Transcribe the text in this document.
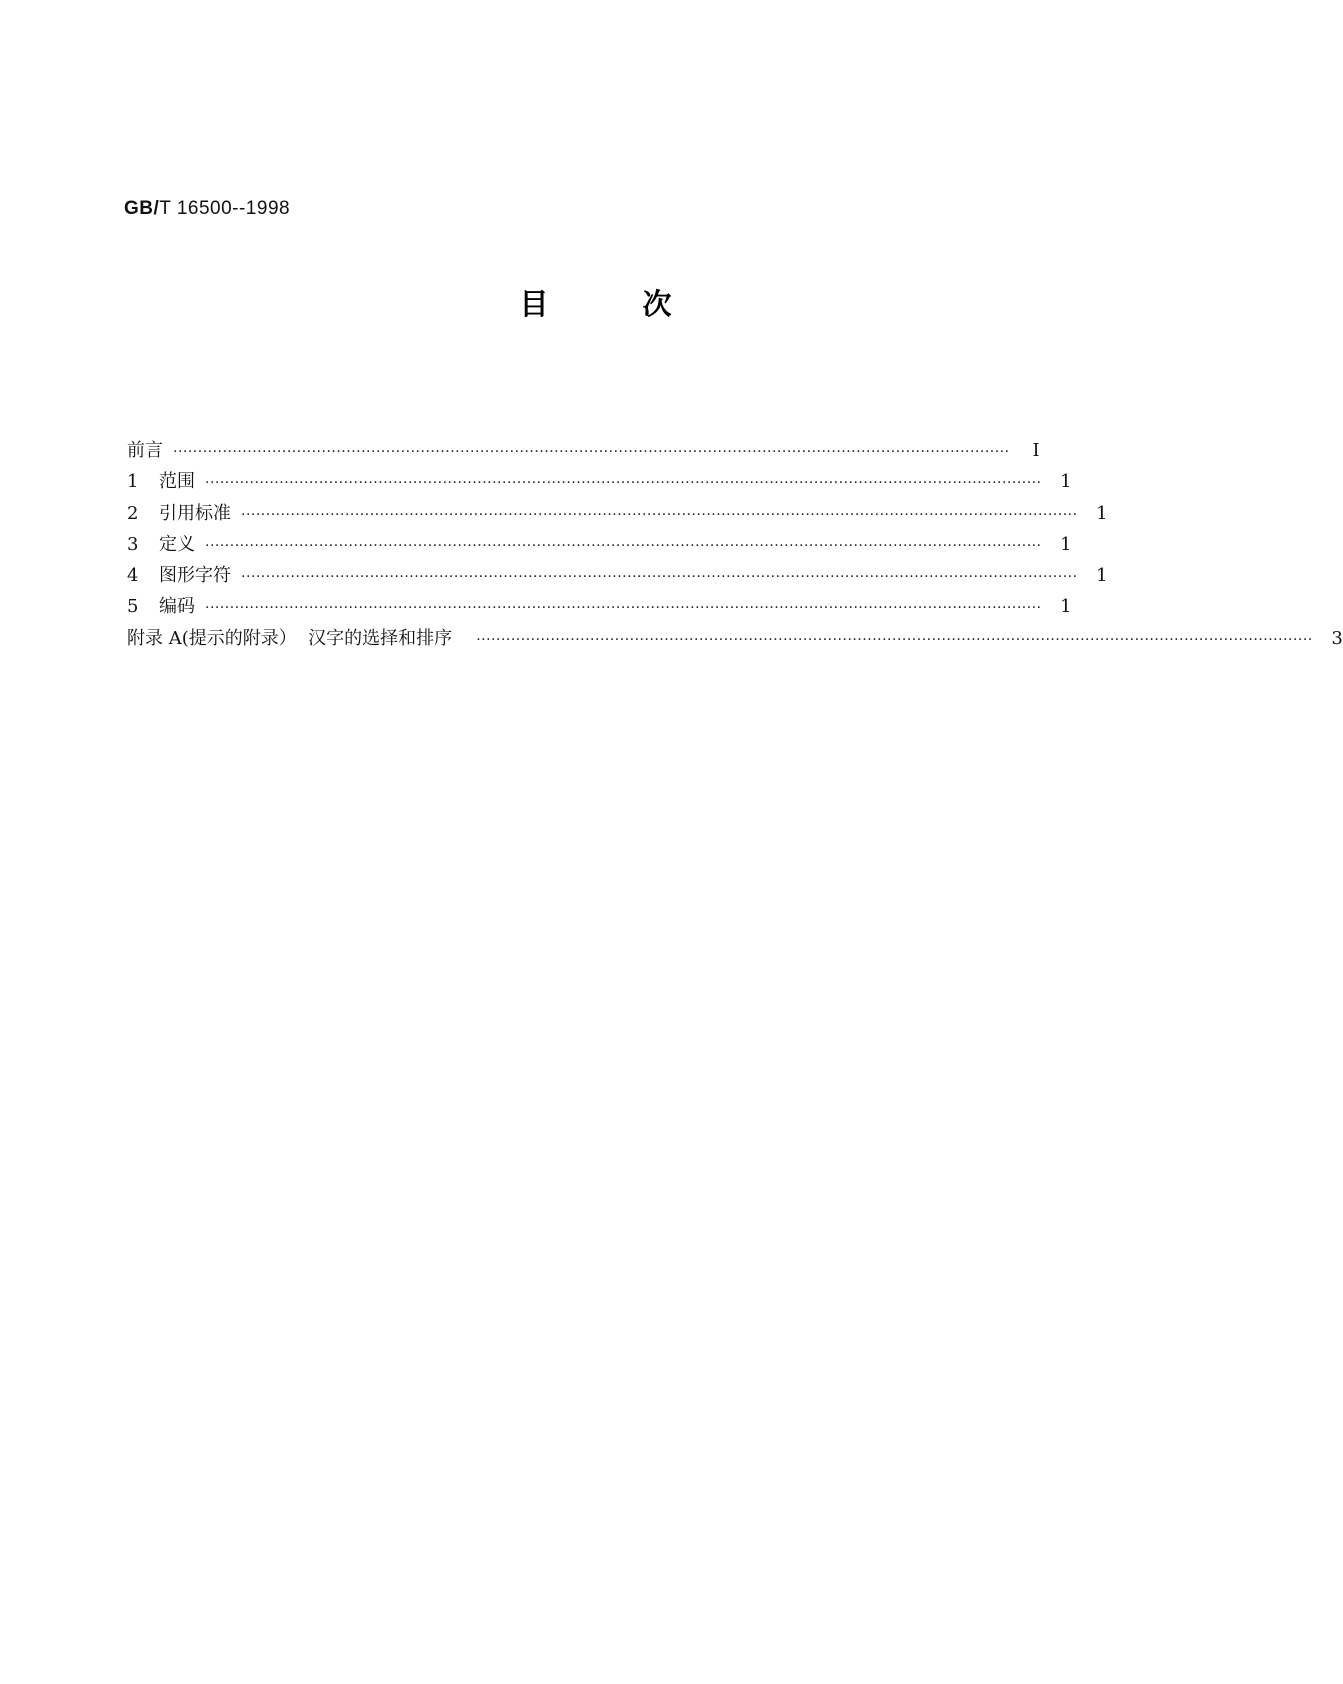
GB/T 16500--1998
目	次
前言 ·········································································································································································	I
1 范围 ·········································································································································································	1
2 引用标准 ·········································································································································································	1
3 定义 ·········································································································································································	1
4 图形字符 ·········································································································································································	1
5 编码 ·········································································································································································	1
附录 A(提示的附录）  汉字的选择和排序 ·········································································································································································	3
